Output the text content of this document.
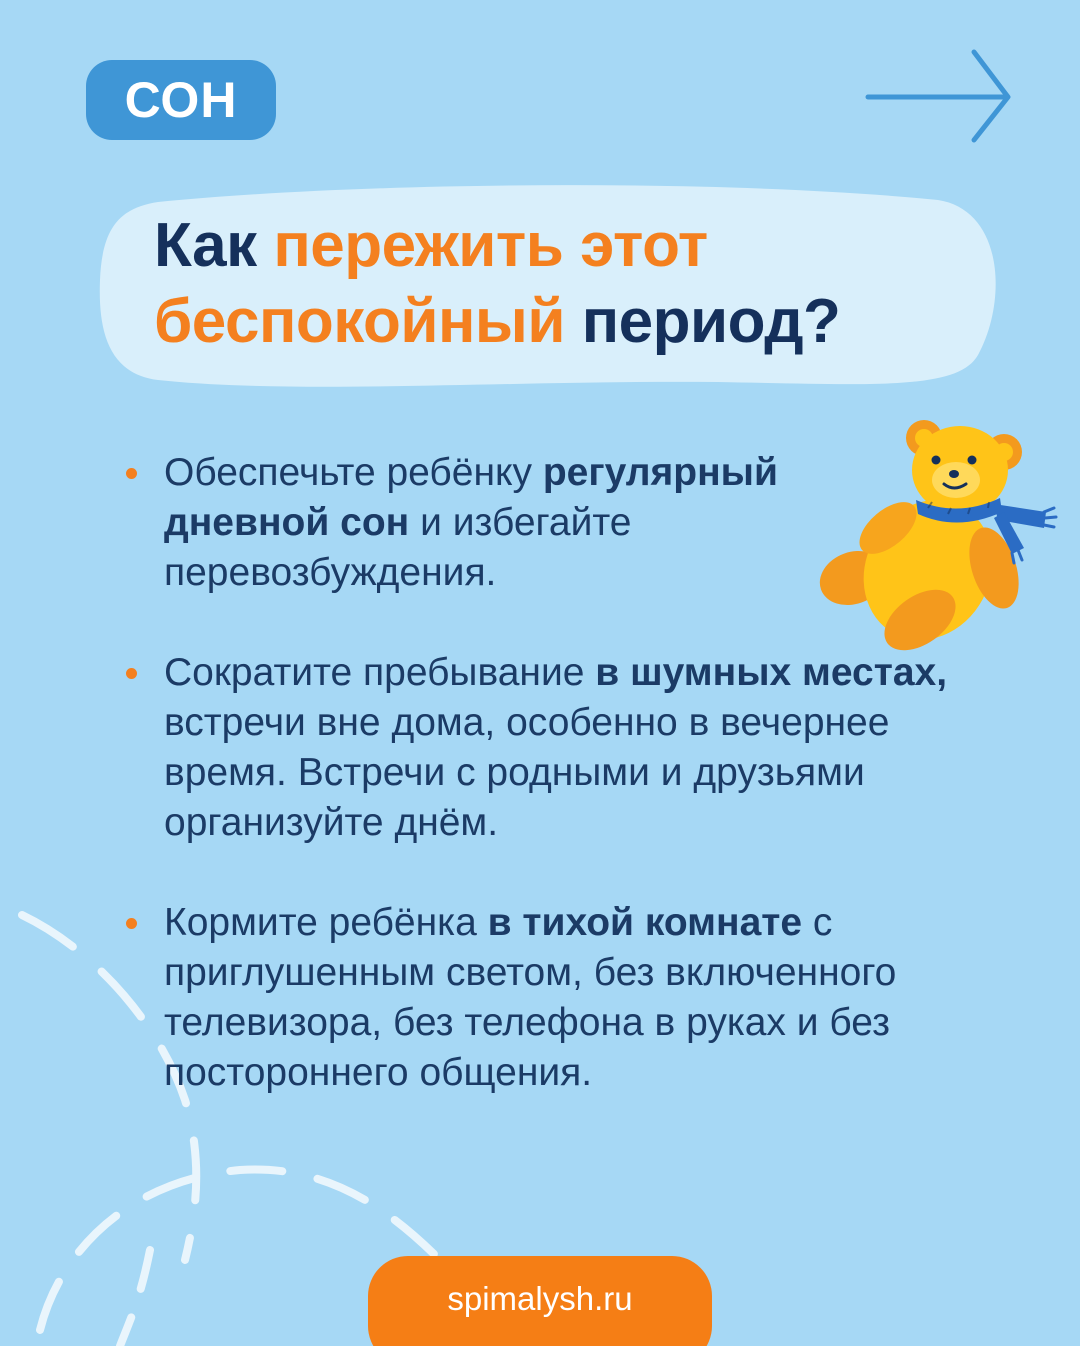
СОН
Как пережить этот
беспокойный период?
Обеспечьте ребёнку регулярный дневной сон и избегайте перевозбуждения.
Сократите пребывание в шумных местах, встречи вне дома, особенно в вечернее время. Встречи с родными и друзьями организуйте днём.
Кормите ребёнка в тихой комнате с приглушенным светом, без включенного телевизора, без телефона в руках и без постороннего общения.
spimalysh.ru
